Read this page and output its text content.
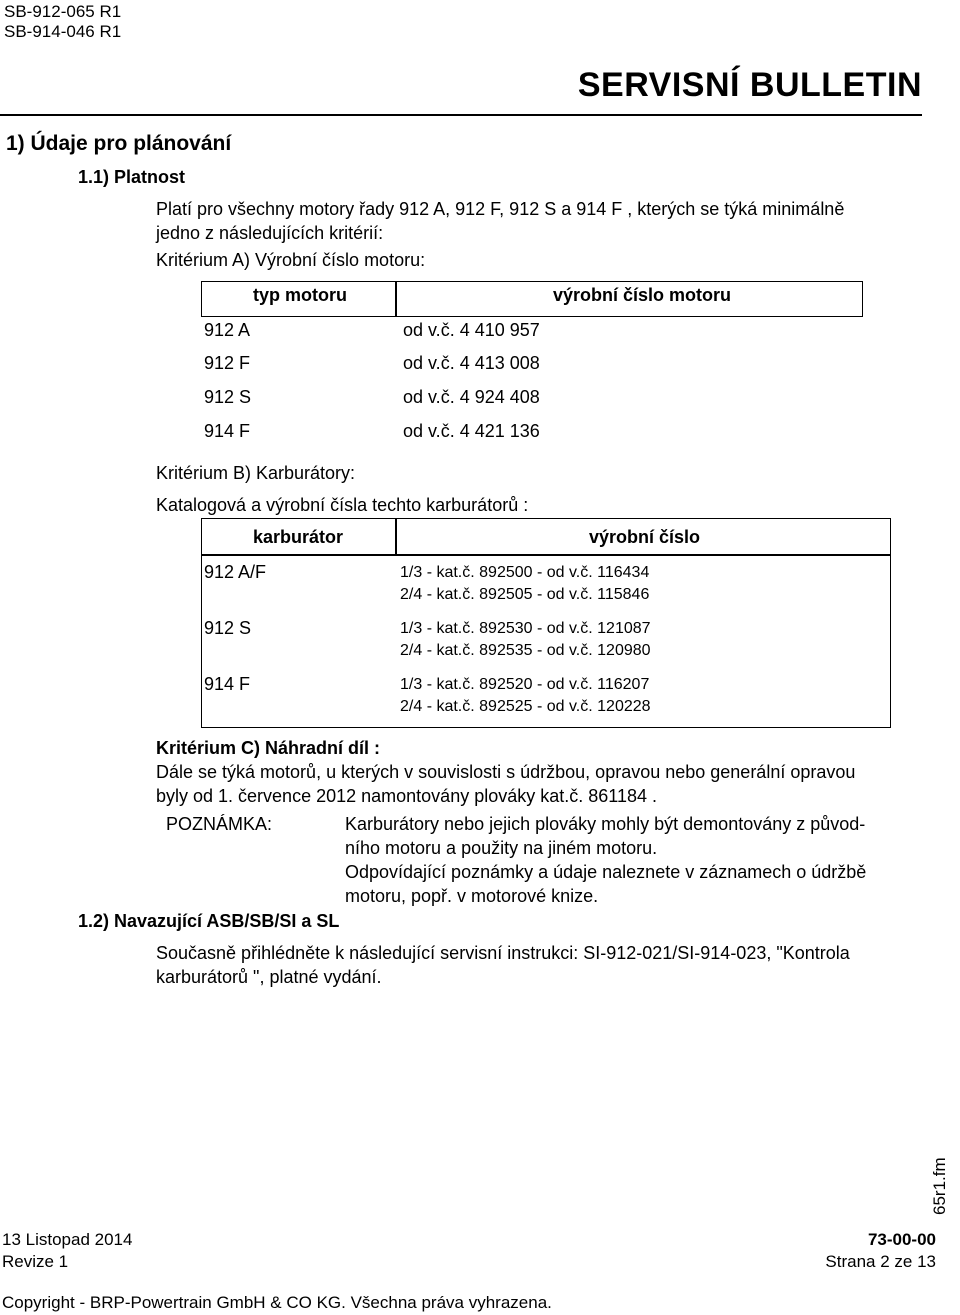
SB-912-065 R1
SB-914-046 R1
SERVISNÍ BULLETIN
1) Údaje pro plánování
1.1) Platnost
Platí pro všechny motory řady 912 A, 912 F, 912 S a 914 F , kterých se týká minimálně
jedno z následujících kritérií:
Kritérium A) Výrobní číslo motoru:
typ motoru	výrobní číslo motoru
912 A	od v.č. 4 410 957
912 F	od v.č. 4 413 008
912 S	od v.č. 4 924 408
914 F	od v.č. 4 421 136
Kritérium B) Karburátory:
Katalogová a výrobní čísla techto karburátorů :
karburátor	výrobní číslo
912 A/F	1/3 - kat.č. 892500 - od v.č. 116434
2/4 - kat.č. 892505 - od v.č. 115846
912 S	1/3 - kat.č. 892530 - od v.č. 121087
2/4 - kat.č. 892535 - od v.č. 120980
914 F	1/3 - kat.č. 892520 - od v.č. 116207
2/4 - kat.č. 892525 - od v.č. 120228
Kritérium C) Náhradní díl :
Dále se týká motorů, u kterých v souvislosti s údržbou, opravou nebo generální opravou
byly od 1. července 2012 namontovány plováky kat.č. 861184 .
POZNÁMKA:	Karburátory nebo jejich plováky mohly být demontovány z původ-
ního motoru a použity na jiném motoru.
Odpovídající poznámky a údaje naleznete v záznamech o údržbě
motoru, popř. v motorové knize.
1.2) Navazující ASB/SB/SI a SL
Současně přihlédněte k následující servisní instrukci: SI-912-021/SI-914-023, "Kontrola
karburátorů ", platné vydání.
65r1.fm
13 Listopad 2014
Revize 1
73-00-00
Strana 2 ze 13
Copyright - BRP-Powertrain GmbH & CO KG. Všechna práva vyhrazena.
